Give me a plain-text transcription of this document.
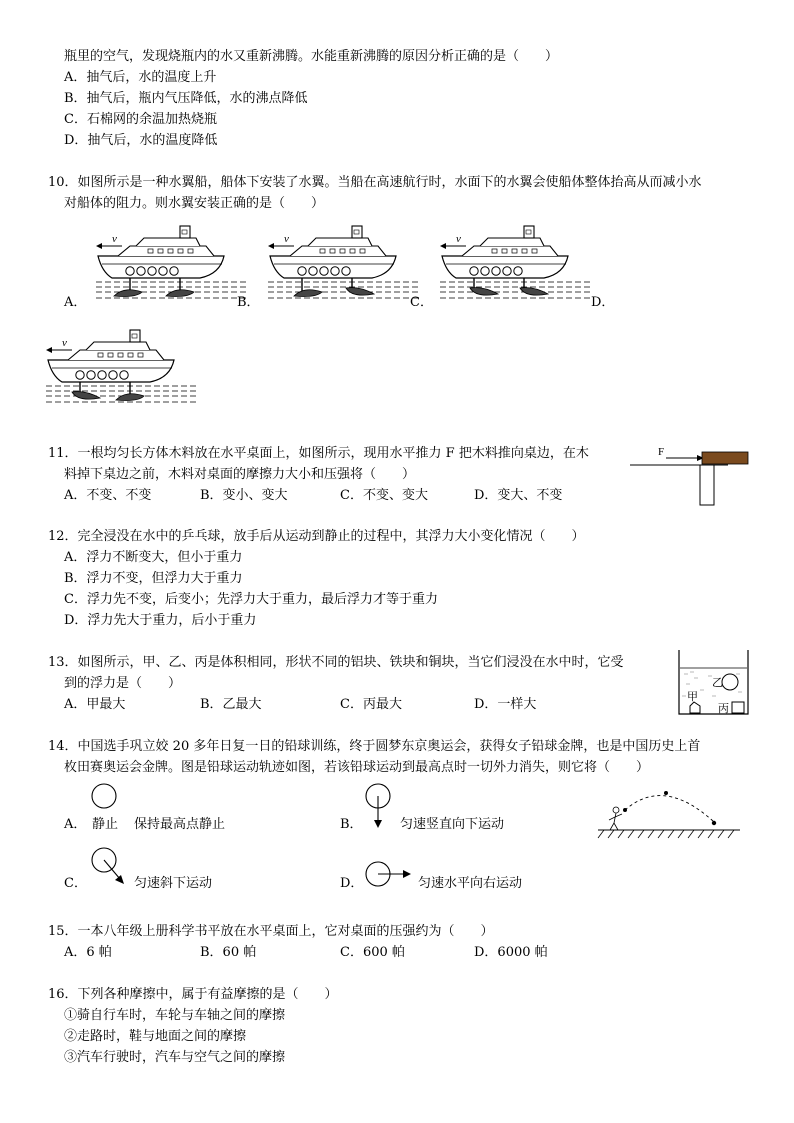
瓶里的空气，发现烧瓶内的水又重新沸腾。水能重新沸腾的原因分析正确的是（　　）
A．抽气后，水的温度上升
B．抽气后，瓶内气压降低，水的沸点降低
C．石棉网的余温加热烧瓶
D．抽气后，水的温度降低
10．如图所示是一种水翼船，船体下安装了水翼。当船在高速航行时，水面下的水翼会使船体整体抬高从而减小水
对船体的阻力。则水翼安装正确的是（　　）
v	v	v
A．	B．	C．	D．
v
11．一根均匀长方体木料放在水平桌面上，如图所示，现用水平推力 F 把木料推向桌边，在木
料掉下桌边之前，木料对桌面的摩擦力大小和压强将（　　）
A．不变、不变	B．变小、变大	C．不变、变大	D．变大、不变
F
12．完全浸没在水中的乒乓球，放手后从运动到静止的过程中，其浮力大小变化情况（　　）
A．浮力不断变大，但小于重力
B．浮力不变，但浮力大于重力
C．浮力先不变，后变小；先浮力大于重力，最后浮力才等于重力
D．浮力先大于重力，后小于重力
13．如图所示，甲、乙、丙是体积相同，形状不同的铝块、铁块和铜块，当它们浸没在水中时，它受
到的浮力是（　　）
A．甲最大	B．乙最大	C．丙最大	D．一样大
乙
甲
丙
14．中国选手巩立姣 20 多年日复一日的铅球训练，终于圆梦东京奥运会，获得女子铅球金牌，也是中国历史上首
枚田赛奥运会金牌。图是铅球运动轨迹如图，若该铅球运动到最高点时一切外力消失，则它将（　　）
A． 静止 保持最高点静止	B．	匀速竖直向下运动
C．	匀速斜下运动	D．	匀速水平向右运动
15．一本八年级上册科学书平放在水平桌面上，它对桌面的压强约为（　　）
A．6 帕	B．60 帕	C．600 帕	D．6000 帕
16．下列各种摩擦中，属于有益摩擦的是（　　）
①骑自行车时，车轮与车轴之间的摩擦
②走路时，鞋与地面之间的摩擦
③汽车行驶时，汽车与空气之间的摩擦
